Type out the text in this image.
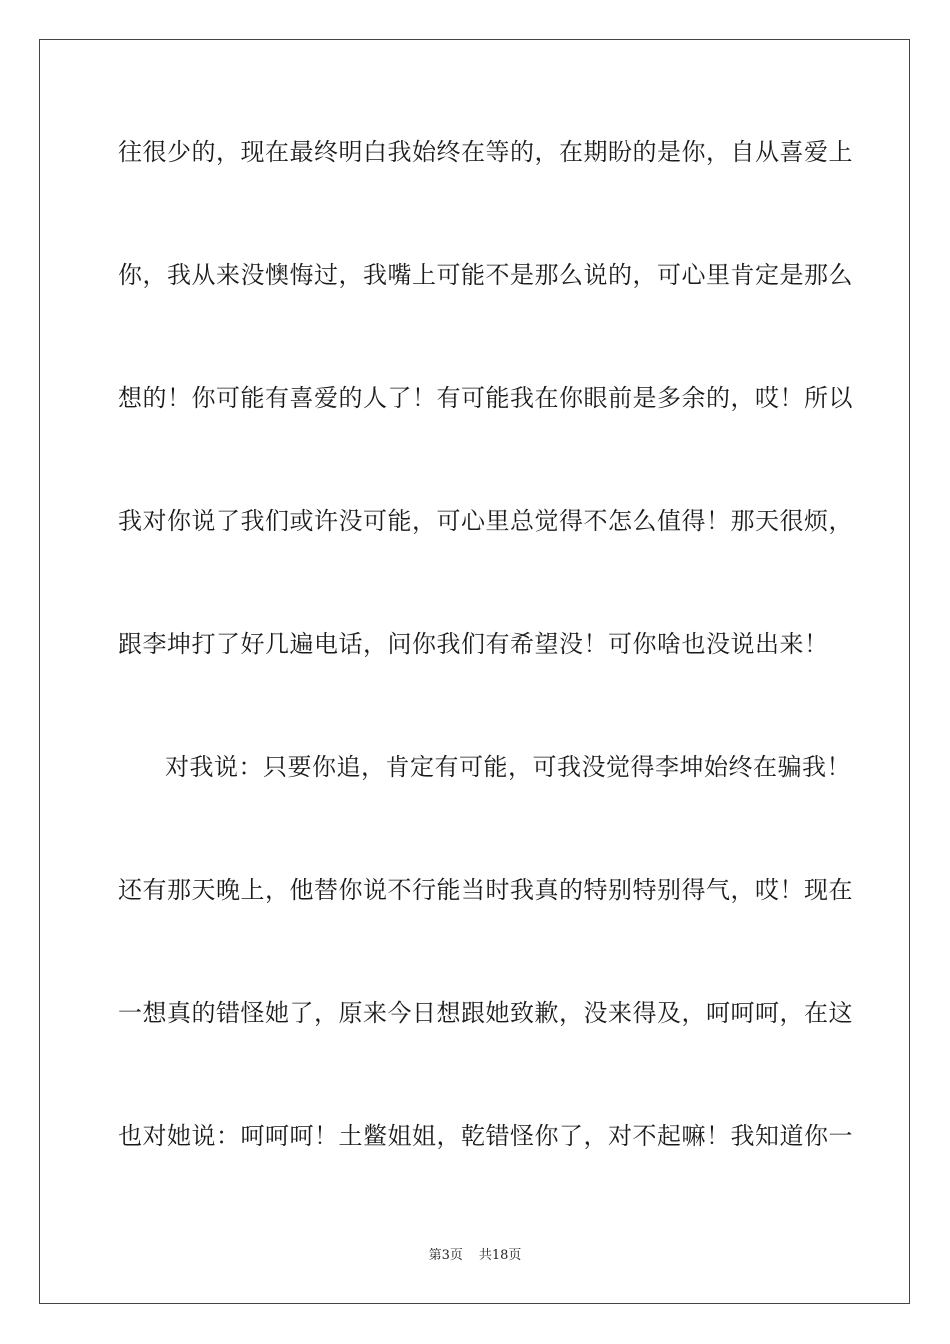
往很少的，现在最终明白我始终在等的，在期盼的是你，自从喜爱上
你，我从来没懊悔过，我嘴上可能不是那么说的，可心里肯定是那么
想的！你可能有喜爱的人了！有可能我在你眼前是多余的，哎！所以
我对你说了我们或许没可能，可心里总觉得不怎么值得！那天很烦，
跟李坤打了好几遍电话，问你我们有希望没！可你啥也没说出来！
对我说：只要你追，肯定有可能，可我没觉得李坤始终在骗我！
还有那天晚上，他替你说不行能当时我真的特别特别得气，哎！现在
一想真的错怪她了，原来今日想跟她致歉，没来得及，呵呵呵，在这
也对她说：呵呵呵！土鳖姐姐，乾错怪你了，对不起嘛！我知道你一
第3页 共18页
